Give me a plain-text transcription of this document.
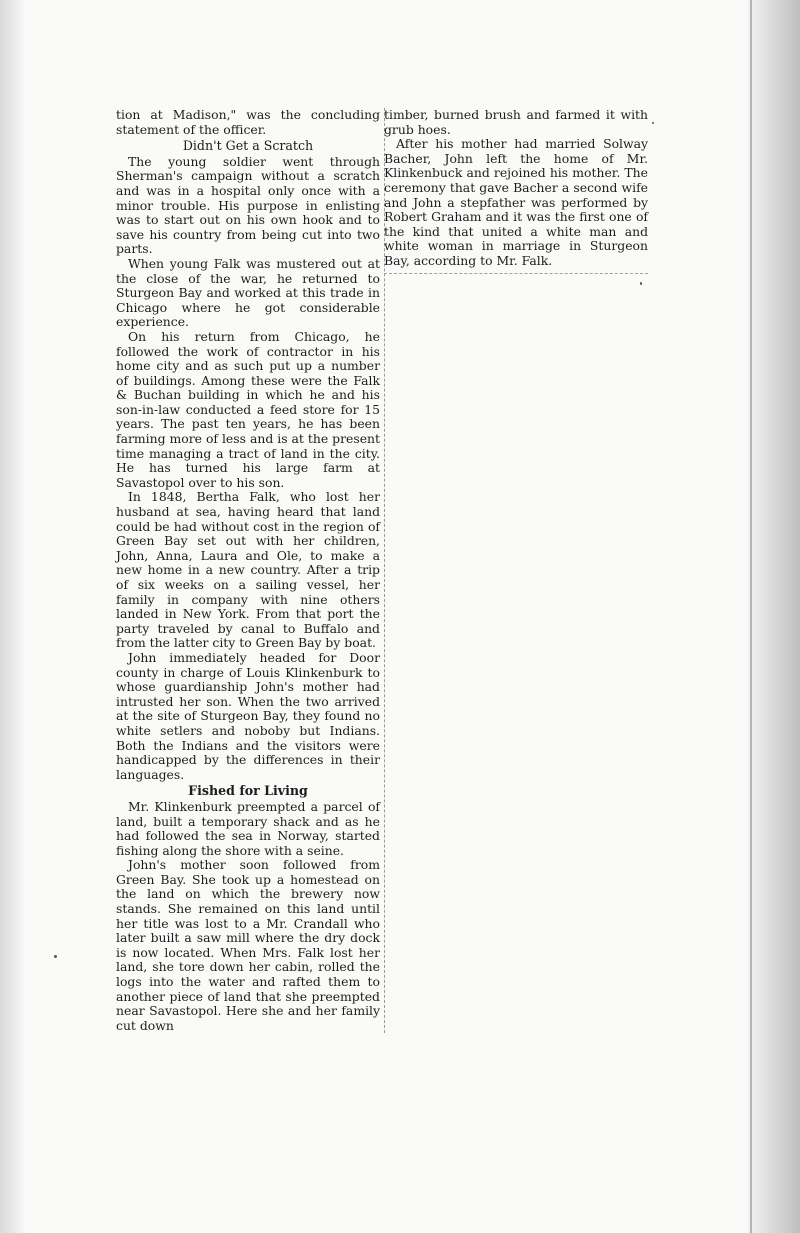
tion at Madison," was the concluding statement of the officer.

Didn't Get a Scratch

The young soldier went through Sherman's campaign without a scratch and was in a hospital only once with a minor trouble. His purpose in enlisting was to start out on his own hook and to save his country from being cut into two parts.

When young Falk was mustered out at the close of the war, he returned to Sturgeon Bay and worked at this trade in Chicago where he got considerable experience.

On his return from Chicago, he followed the work of contractor in his home city and as such put up a number of buildings. Among these were the Falk & Buchan building in which he and his son-in-law conducted a feed store for 15 years. The past ten years, he has been farming more of less and is at the present time managing a tract of land in the city. He has turned his large farm at Savastopol over to his son.

In 1848, Bertha Falk, who lost her husband at sea, having heard that land could be had without cost in the region of Green Bay set out with her children, John, Anna, Laura and Ole, to make a new home in a new country. After a trip of six weeks on a sailing vessel, her family in company with nine others landed in New York. From that port the party traveled by canal to Buffalo and from the latter city to Green Bay by boat.

John immediately headed for Door county in charge of Louis Klinkenburk to whose guardianship John's mother had intrusted her son. When the two arrived at the site of Sturgeon Bay, they found no white setlers and noboby but Indians. Both the Indians and the visitors were handicapped by the differences in their languages.

Fished for Living

Mr. Klinkenburk preempted a parcel of land, built a temporary shack and as he had followed the sea in Norway, started fishing along the shore with a seine.

John's mother soon followed from Green Bay. She took up a homestead on the land on which the brewery now stands. She remained on this land until her title was lost to a Mr. Crandall who later built a saw mill where the dry dock is now located. When Mrs. Falk lost her land, she tore down her cabin, rolled the logs into the water and rafted them to another piece of land that she preempted near Savastopol. Here she and her family cut down

timber, burned brush and farmed it with grub hoes.

After his mother had married Solway Bacher, John left the home of Mr. Klinkenbuck and rejoined his mother. The ceremony that gave Bacher a second wife and John a stepfather was performed by Robert Graham and it was the first one of the kind that united a white man and white woman in marriage in Sturgeon Bay, according to Mr. Falk.
